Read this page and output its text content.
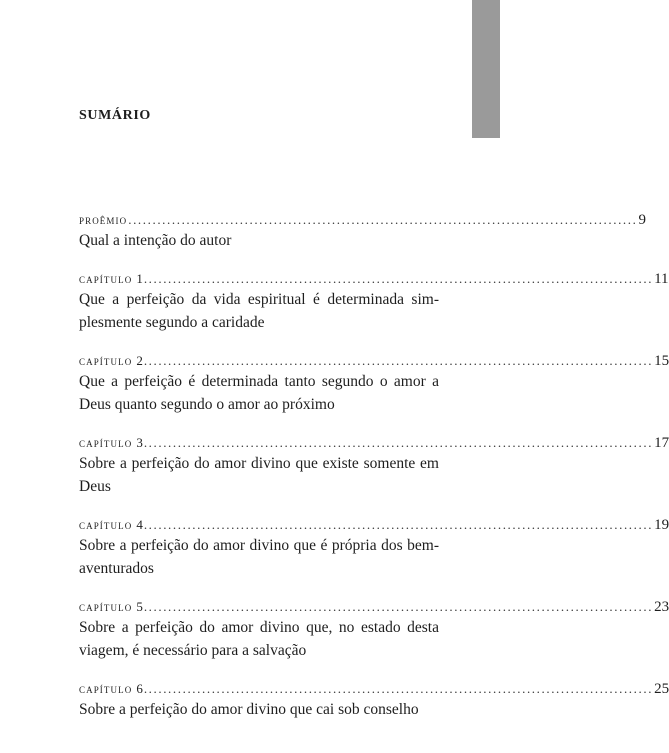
SUMÁRIO
proêmio ......................................................................................................... 9
Qual a intenção do autor
capítulo 1 ......................................................................................................... 11
Que a perfeição da vida espiritual é determinada simplesmente segundo a caridade
capítulo 2 ......................................................................................................... 15
Que a perfeição é determinada tanto segundo o amor a Deus quanto segundo o amor ao próximo
capítulo 3 ......................................................................................................... 17
Sobre a perfeição do amor divino que existe somente em Deus
capítulo 4 ......................................................................................................... 19
Sobre a perfeição do amor divino que é própria dos bem-aventurados
capítulo 5 ......................................................................................................... 23
Sobre a perfeição do amor divino que, no estado desta viagem, é necessário para a salvação
capítulo 6 ......................................................................................................... 25
Sobre a perfeição do amor divino que cai sob conselho
